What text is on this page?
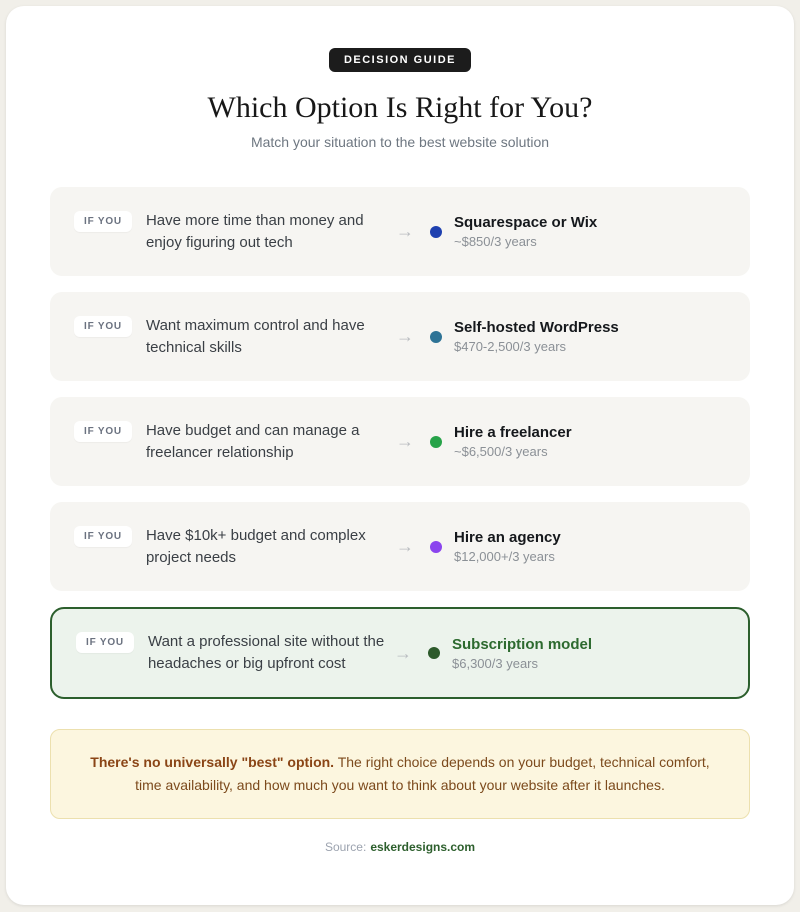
DECISION GUIDE
Which Option Is Right for You?

Match your situation to the best website solution

IF YOU	Have more time than money and enjoy figuring out tech
→	Squarespace or Wix
~$850/3 years
IF YOU	Want maximum control and have technical skills
→	Self-hosted WordPress
$470-2,500/3 years
IF YOU	Have budget and can manage a freelancer relationship
→	Hire a freelancer
~$6,500/3 years
IF YOU	Have $10k+ budget and complex project needs
→	Hire an agency
$12,000+/3 years
IF YOU	Want a professional site without the headaches or big upfront cost
→	Subscription model
$6,300/3 years
There's no universally "best" option. The right choice depends on your budget, technical comfort, time availability, and how much you want to think about your website after it launches.
Source: eskerdesigns.com
